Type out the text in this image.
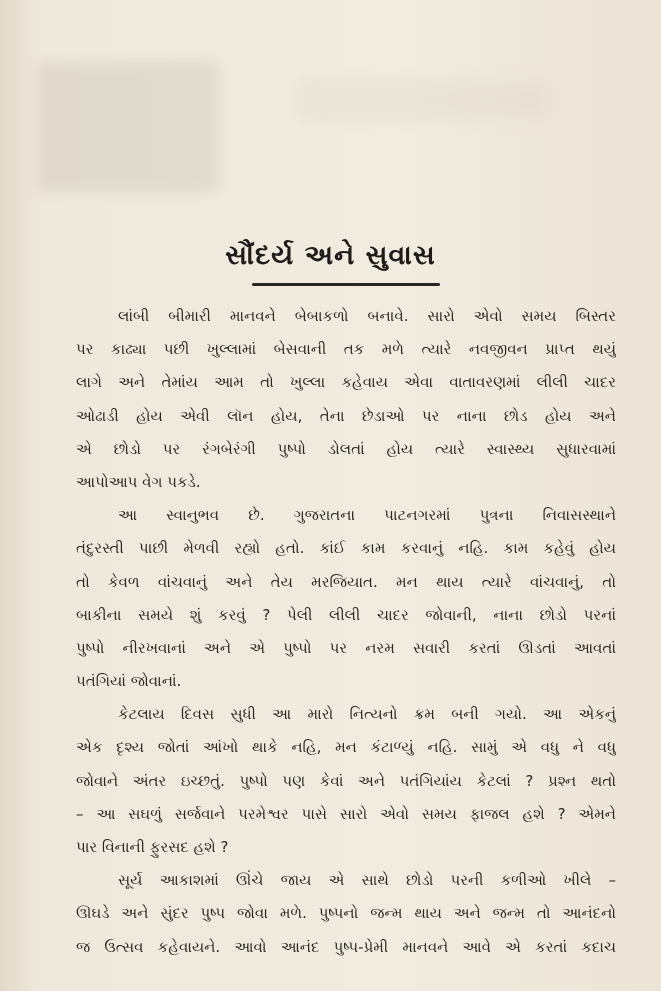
સૌંદર્ય અને સુવાસ
લાંબી બીમારી માનવને બેબાકળો બનાવે. સારો એવો સમય બિસ્તર
પર કાઢ્યા પછી ખુલ્લામાં બેસવાની તક મળે ત્યારે નવજીવન પ્રાપ્ત થયું
લાગે અને તેમાંય આમ તો ખુલ્લા કહેવાય એવા વાતાવરણમાં લીલી ચાદર
ઓઢાડી હોય એવી લૉન હોય, તેના છેડાઓ પર નાના છોડ હોય અને
એ છોડો પર રંગબેરંગી પુષ્પો ડોલતાં હોય ત્યારે સ્વાસ્થ્ય સુધારવામાં
આપોઆપ વેગ પકડે.
આ સ્વાનુભવ છે. ગુજરાતના પાટનગરમાં પુત્રના નિવાસસ્થાને
તંદુરસ્તી પાછી મેળવી રહ્યો હતો. કાંઈ કામ કરવાનું નહિ. કામ કહેવું હોય
તો કેવળ વાંચવાનું અને તેય મરજિયાત. મન થાય ત્યારે વાંચવાનું, તો
બાકીના સમયે શું કરવું ? પેલી લીલી ચાદર જોવાની, નાના છોડો પરનાં
પુષ્પો નીરખવાનાં અને એ પુષ્પો પર નરમ સવારી કરતાં ઊડતાં આવતાં
પતંગિયાં જોવાનાં.
કેટલાય દિવસ સુધી આ મારો નિત્યનો ક્રમ બની ગયો. આ એકનું
એક દૃશ્ય જોતાં આંખો થાકે નહિ, મન કંટાળ્યું નહિ. સામું એ વધુ ને વધુ
જોવાને અંતર ઇચ્છતું. પુષ્પો પણ કેવાં અને પતંગિયાંય કેટલાં ? પ્રશ્ન થતો
– આ સઘળું સર્જવાને પરમેશ્વર પાસે સારો એવો સમય ફાજલ હશે ? એમને
પાર વિનાની ફુરસદ હશે ?
સૂર્ય આકાશમાં ઊંચે જાય એ સાથે છોડો પરની કળીઓ ખીલે –
ઊઘડે અને સુંદર પુષ્પ જોવા મળે. પુષ્પનો જન્મ થાય અને જન્મ તો આનંદનો
જ ઉત્સવ કહેવાયને. આવો આનંદ પુષ્પ-પ્રેમી માનવને આવે એ કરતાં કદાચ
